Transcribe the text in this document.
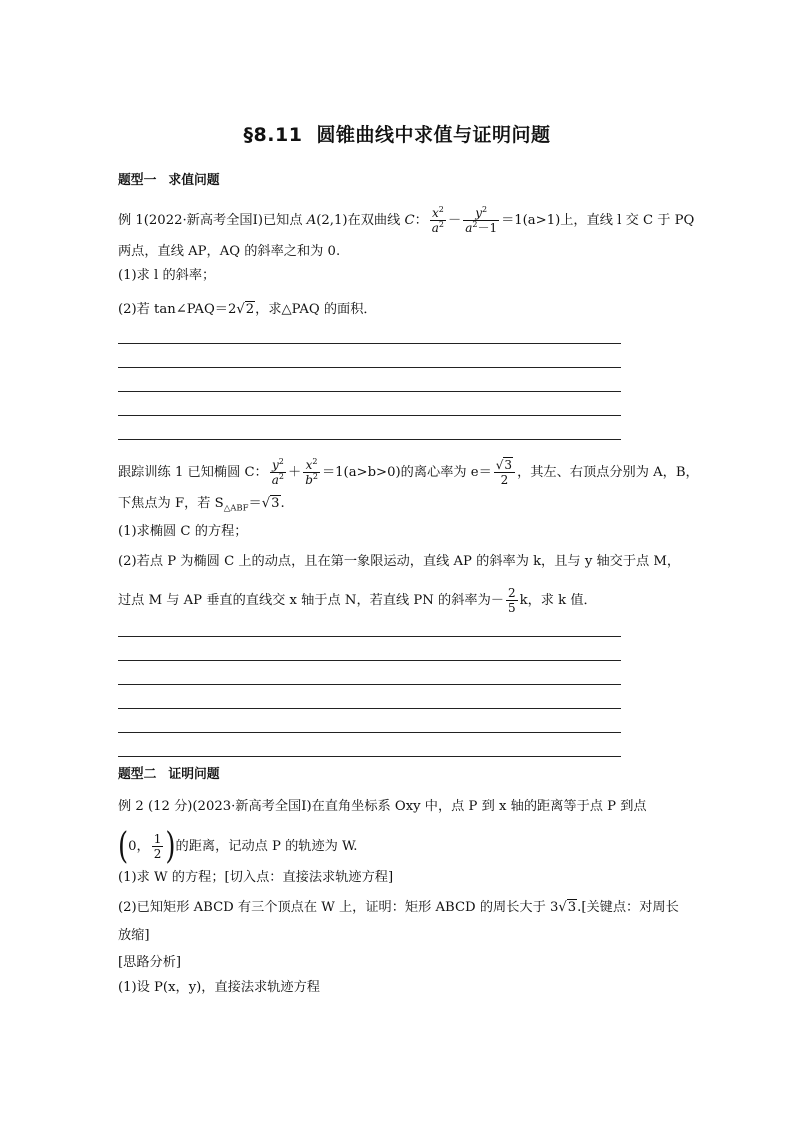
§8.11 圆锥曲线中求值与证明问题
题型一 求值问题
例 1(2022·新高考全国Ⅰ)已知点 A(2,1)在双曲线 C： $\frac{x^2}{a^2} - \frac{y^2}{a^2-1} =1(a>1)$上，直线 l 交 C 于 PQ
两点，直线 AP，AQ 的斜率之和为 0.
(1)求 l 的斜率；
(2)若 tan∠PAQ＝2√2，求△PAQ 的面积．
跟踪训练 1 已知椭圆 C： $\frac{y^2}{a^2} + \frac{x^2}{b^2} =1(a>b>0)$的离心率为 $e= \frac{√3}{2}$ ，其左、右顶点分别为 A，B，
下焦点为 F，若 $S_{\triangle ABF}=√3$.
(1)求椭圆 C 的方程；
(2)若点 P 为椭圆 C 上的动点，且在第一象限运动，直线 AP 的斜率为 k，且与 y 轴交于点 M，
过点 M 与 AP 垂直的直线交 x 轴于点 N，若直线 PN 的斜率为－ $\frac{2}{5}$ k，求 k 值．
题型二 证明问题
例 2 (12 分)(2023·新高考全国Ⅰ)在直角坐标系 Oxy 中，点 P 到 x 轴的距离等于点 P 到点
(0， $\frac{1}{2}$ )的距离，记动点 P 的轨迹为 W.
(1)求 W 的方程；[切入点：直接法求轨迹方程]
(2)已知矩形 ABCD 有三个顶点在 W 上，证明：矩形 ABCD 的周长大于 3√3.[关键点：对周长
放缩]
[思路分析]
(1)设 P(x，y)，直接法求轨迹方程
